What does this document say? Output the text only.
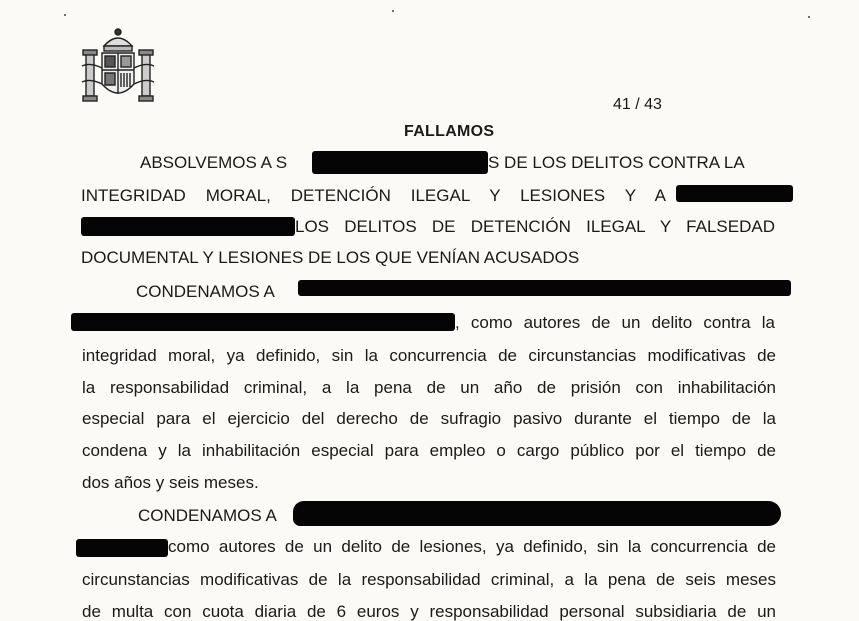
41 / 43
FALLAMOS
ABSOLVEMOS A S	S DE LOS DELITOS CONTRA LA
INTEGRIDAD MORAL, DETENCIÓN ILEGAL Y LESIONES Y A
LOS DELITOS DE DETENCIÓN ILEGAL Y FALSEDAD
DOCUMENTAL Y LESIONES DE LOS QUE VENÍAN ACUSADOS
CONDENAMOS A
, como autores de un delito contra la
integridad moral, ya definido, sin la concurrencia de circunstancias modificativas de
la responsabilidad criminal, a la pena de un año de prisión con inhabilitación
especial para el ejercicio del derecho de sufragio pasivo durante el tiempo de la
condena y la inhabilitación especial para empleo o cargo público por el tiempo de
dos años y seis meses.
CONDENAMOS A
como autores de un delito de lesiones, ya definido, sin la concurrencia de
circunstancias modificativas de la responsabilidad criminal, a la pena de seis meses
de multa con cuota diaria de 6 euros y responsabilidad personal subsidiaria de un
